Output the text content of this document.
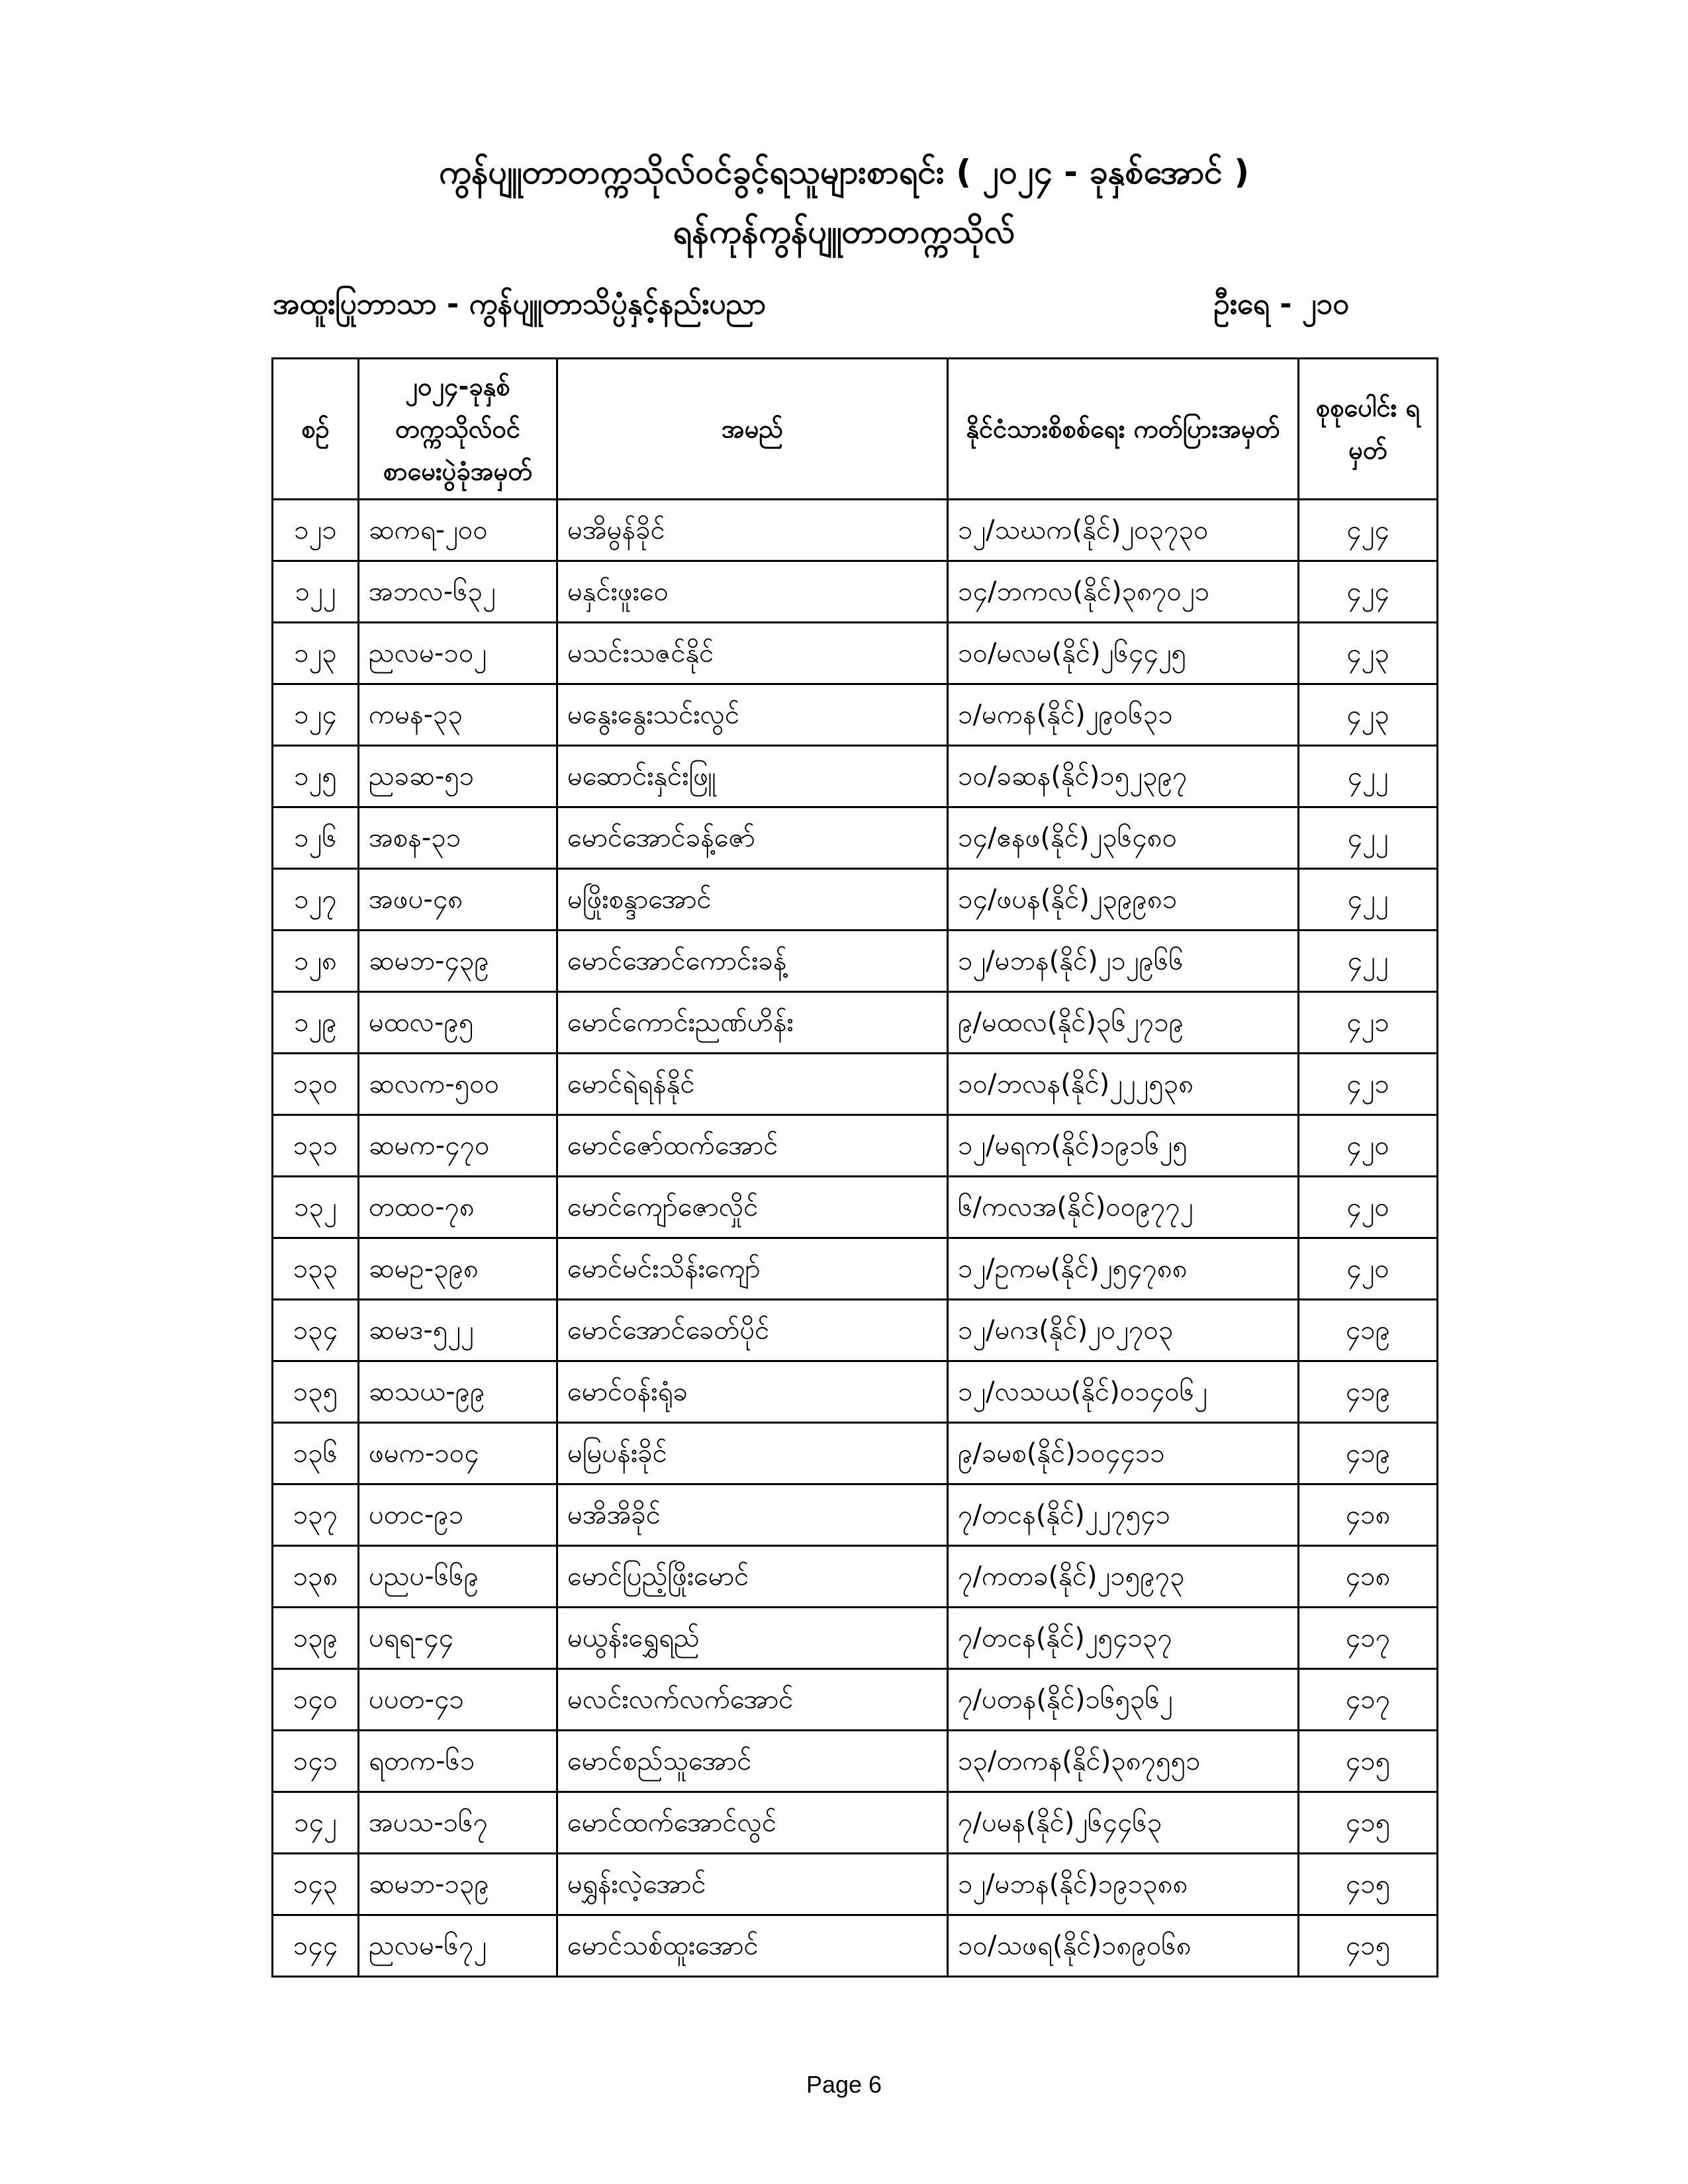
ကွန်ပျူတာတက္ကသိုလ်ဝင်ခွင့်ရသူများစာရင်း ( ၂၀၂၄ - ခုနှစ်အောင် )
ရန်ကုန်ကွန်ပျူတာတက္ကသိုလ်
အထူးပြုဘာသာ - ကွန်ပျူတာသိပ္ပံနှင့်နည်းပညာ	ဦးရေ - ၂၁၀
စဉ်	၂၀၂၄-ခုနှစ် တက္ကသိုလ်ဝင် စာမေးပွဲခုံအမှတ်	အမည်	နိုင်ငံသားစိစစ်ရေး ကတ်ပြားအမှတ်	စုစုပေါင်း ရမှတ်
၁၂၁	ဆကရ-၂၀၀	မအိမွန်ခိုင်	၁၂/သဃက(နိုင်)၂၀၃၇၃၀	၄၂၄
၁၂၂	အဘလ-၆၃၂	မနှင်းဖူးဝေ	၁၄/ဘကလ(နိုင်)၃၈၇၀၂၁	၄၂၄
၁၂၃	ညလမ-၁၀၂	မသင်းသဇင်နိုင်	၁၀/မလမ(နိုင်)၂၆၄၄၂၅	၄၂၃
၁၂၄	ကမန-၃၃	မနွေးနွေးသင်းလွင်	၁/မကန(နိုင်)၂၉၀၆၃၁	၄၂၃
၁၂၅	ညခဆ-၅၁	မဆောင်းနှင်းဖြူ	၁၀/ခဆန(နိုင်)၁၅၂၃၉၇	၄၂၂
၁၂၆	အစန-၃၁	မောင်အောင်ခန့်ဇော်	၁၄/ဧနဖ(နိုင်)၂၃၆၄၈၀	၄၂၂
၁၂၇	အဖပ-၄၈	မဖြိုးစန္ဒာအောင်	၁၄/ဖပန(နိုင်)၂၃၉၉၈၁	၄၂၂
၁၂၈	ဆမဘ-၄၃၉	မောင်အောင်ကောင်းခန့်	၁၂/မဘန(နိုင်)၂၁၂၉၆၆	၄၂၂
၁၂၉	မထလ-၉၅	မောင်ကောင်းညဏ်ဟိန်း	၉/မထလ(နိုင်)၃၆၂၇၁၉	၄၂၁
၁၃၀	ဆလက-၅၀၀	မောင်ရဲရန်နိုင်	၁၀/ဘလန(နိုင်)၂၂၂၅၃၈	၄၂၁
၁၃၁	ဆမက-၄၇၀	မောင်ဇော်ထက်အောင်	၁၂/မရက(နိုင်)၁၉၁၆၂၅	၄၂၀
၁၃၂	တထဝ-၇၈	မောင်ကျော်ဇောလှိုင်	၆/ကလအ(နိုင်)၀၀၉၇၇၂	၄၂၀
၁၃၃	ဆမဥ-၃၉၈	မောင်မင်းသိန်းကျော်	၁၂/ဥကမ(နိုင်)၂၅၄၇၈၈	၄၂၀
၁၃၄	ဆမဒ-၅၂၂	မောင်အောင်ခေတ်ပိုင်	၁၂/မဂဒ(နိုင်)၂၀၂၇၀၃	၄၁၉
၁၃၅	ဆသယ-၉၉	မောင်ဝန်းရုံခ	၁၂/လသယ(နိုင်)၀၁၄၀၆၂	၄၁၉
၁၃၆	ဖမက-၁၀၄	မမြပန်းခိုင်	၉/ခမစ(နိုင်)၁၀၄၄၁၁	၄၁၉
၁၃၇	ပတင-၉၁	မအိအိခိုင်	၇/တငန(နိုင်)၂၂၇၅၄၁	၄၁၈
၁၃၈	ပညပ-၆၆၉	မောင်ပြည့်ဖြိုးမောင်	၇/ကတခ(နိုင်)၂၁၅၉၇၃	၄၁၈
၁၃၉	ပရရ-၄၄	မယွန်းရွှေရည်	၇/တငန(နိုင်)၂၅၄၁၃၇	၄၁၇
၁၄၀	ပပတ-၄၁	မလင်းလက်လက်အောင်	၇/ပတန(နိုင်)၁၆၅၃၆၂	၄၁၇
၁၄၁	ရတက-၆၁	မောင်စည်သူအောင်	၁၃/တကန(နိုင်)၃၈၇၅၅၁	၄၁၅
၁၄၂	အပသ-၁၆၇	မောင်ထက်အောင်လွင်	၇/ပမန(နိုင်)၂၆၄၄၆၃	၄၁၅
၁၄၃	ဆမဘ-၁၃၉	မရွှန်းလဲ့အောင်	၁၂/မဘန(နိုင်)၁၉၁၃၈၈	၄၁၅
၁၄၄	ညလမ-၆၇၂	မောင်သစ်ထူးအောင်	၁၀/သဖရ(နိုင်)၁၈၉၀၆၈	၄၁၅
Page 6
